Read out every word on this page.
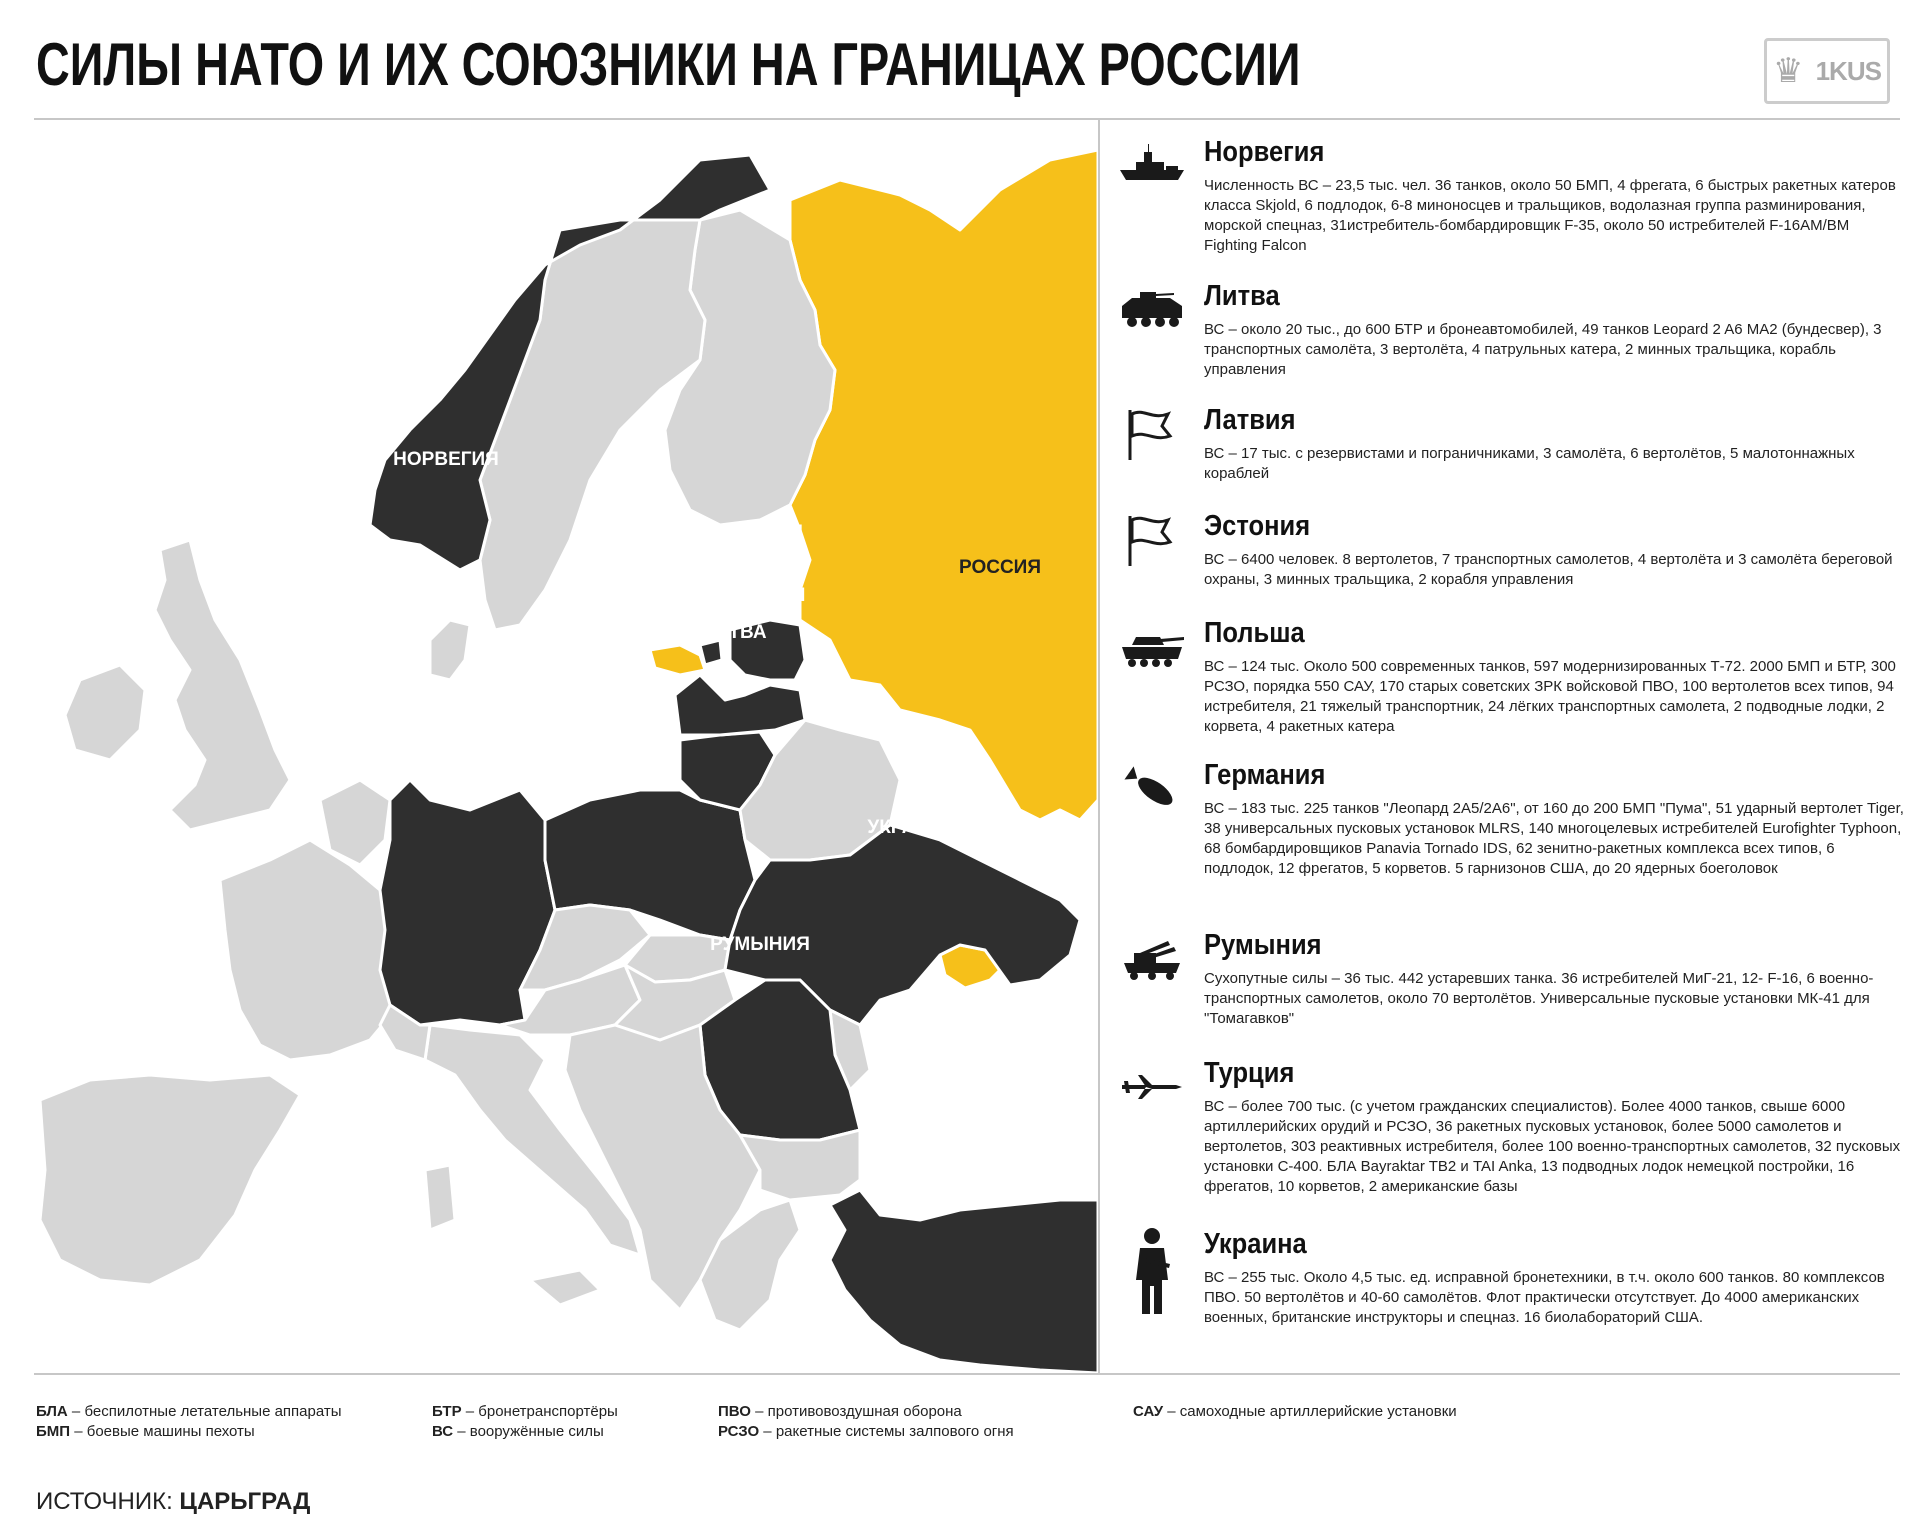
СИЛЫ НАТО И ИХ СОЮЗНИКИ НА ГРАНИЦАХ РОССИИ	♛ 1KUS
НОРВЕГИЯ
ЭСТОНИЯ
ЛАТВИЯ
ЛИТВА
РОССИЯ
ГЕРМАНИЯ
ПОЛЬША
УКРАИНА
РУМЫНИЯ
ТУРЦИЯ
Норвегия

Численность ВС – 23,5 тыс. чел. 36 танков, около 50 БМП, 4 фрегата, 6 быстрых ракетных катеров класса Skjold, 6 подлодок, 6-8 миноносцев и тральщиков, водолазная группа разминирования, морской спецназ, 31истребитель-бомбардировщик F-35, около 50 истребителей F-16AM/BM Fighting Falcon

Литва

ВС – около 20 тыс., до 600 БТР и бронеавтомобилей, 49 танков Leopard 2 A6 MA2 (бундесвер), 3 транспортных самолёта, 3 вертолёта, 4 патрульных катера, 2 минных тральщика, корабль управления

Латвия

ВС – 17 тыс. с резервистами и пограничниками, 3 самолёта, 6 вертолётов, 5 малотоннажных кораблей

Эстония

ВС – 6400 человек. 8 вертолетов, 7 транспортных самолетов, 4 вертолёта и 3 самолёта береговой охраны, 3 минных тральщика, 2 корабля управления

Польша

ВС – 124 тыс. Около 500 современных танков, 597 модернизированных Т-72. 2000 БМП и БТР, 300 РСЗО, порядка 550 САУ, 170 старых советских ЗРК войсковой ПВО, 100 вертолетов всех типов, 94 истребителя, 21 тяжелый транспортник, 24 лёгких транспортных самолета, 2 подводные лодки, 2 корвета, 4 ракетных катера

Германия

ВС – 183 тыс. 225 танков "Леопард 2А5/2А6", от 160 до 200 БМП "Пума", 51 ударный вертолет Tiger, 38 универсальных пусковых установок MLRS, 140 многоцелевых истребителей Eurofighter Typhoon, 68 бомбардировщиков Panavia Tornado IDS, 62 зенитно-ракетных комплекса всех типов, 6 подлодок, 12 фрегатов, 5 корветов. 5 гарнизонов США, до 20 ядерных боеголовок

Румыния

Сухопутные силы – 36 тыс. 442 устаревших танка. 36 истребителей МиГ-21, 12- F-16, 6 военно-транспортных самолетов, около 70 вертолётов. Универсальные пусковые установки МК-41 для "Томагавков"

Турция

ВС – более 700 тыс. (с учетом гражданских специалистов). Более 4000 танков, свыше 6000 артиллерийских орудий и РСЗО, 36 ракетных пусковых установок, более 5000 самолетов и вертолетов, 303 реактивных истребителя, более 100 военно-транспортных самолетов, 32 пусковых установки С-400. БЛА Bayraktar TB2 и TAI Anka, 13 подводных лодок немецкой постройки, 16 фрегатов, 10 корветов, 2 американские базы

Украина

ВС – 255 тыс. Около 4,5 тыс. ед. исправной бронетехники, в т.ч. около 600 танков. 80 комплексов ПВО. 50 вертолётов и 40-60 самолётов. Флот практически отсутствует. До 4000 американских военных, британские инструкторы и спецназ. 16 биолабораторий США.

БЛА – беспилотные летательные аппараты
БМП – боевые машины пехоты
БТР – бронетранспортёры
ВС – вооружённые силы
ПВО – противовоздушная оборона
РСЗО – ракетные системы залпового огня
САУ – самоходные артиллерийские установки
ИСТОЧНИК: ЦАРЬГРАД
